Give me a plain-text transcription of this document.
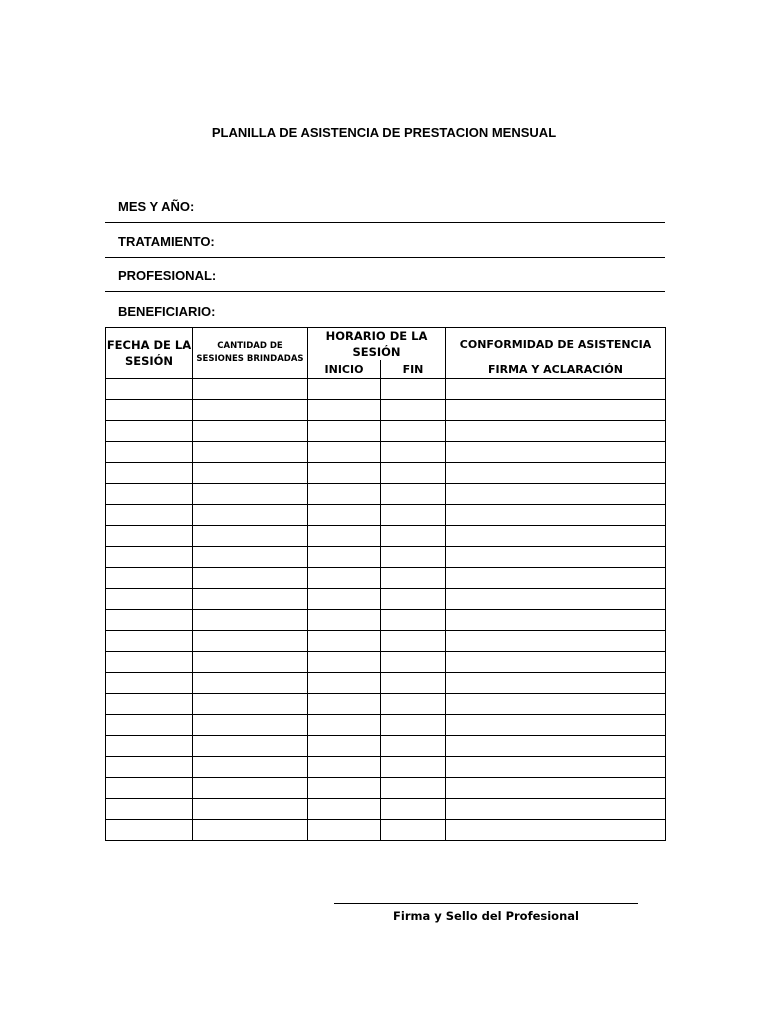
PLANILLA DE ASISTENCIA DE PRESTACION MENSUAL
MES Y AÑO:
TRATAMIENTO:
PROFESIONAL:
BENEFICIARIO:
FECHA DE LA SESIÓN	CANTIDAD DE SESIONES BRINDADAS	HORARIO DE LA SESIÓN		CONFORMIDAD DE ASISTENCIA
		INICIO	FIN	FIRMA Y ACLARACIÓN

Firma y Sello del Profesional
